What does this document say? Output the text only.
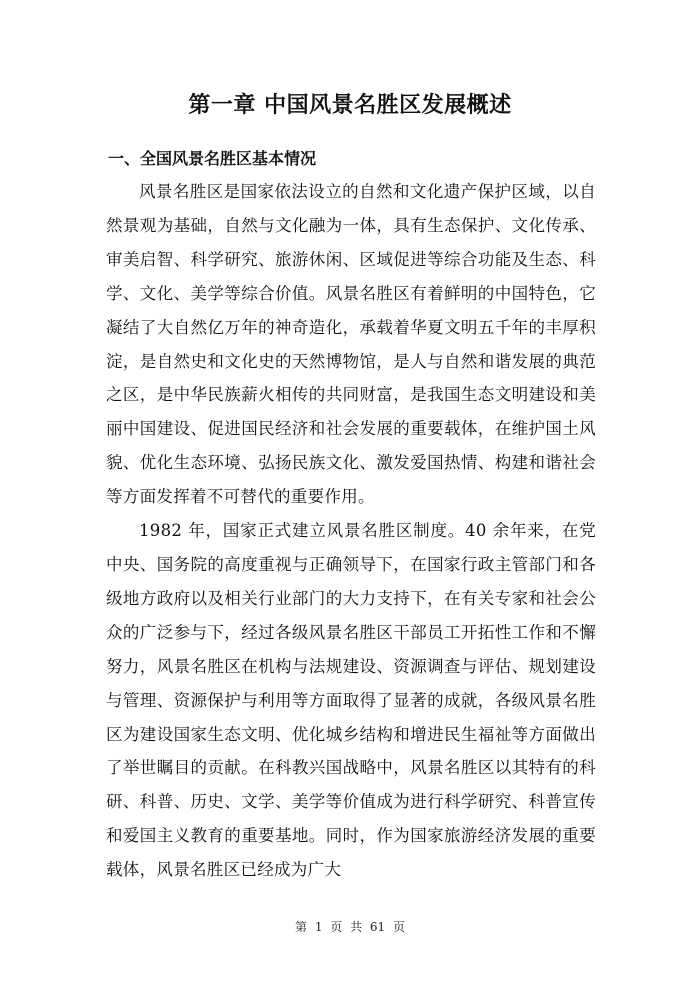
第一章 中国风景名胜区发展概述
一、全国风景名胜区基本情况

风景名胜区是国家依法设立的自然和文化遗产保护区域，以自然景观为基础，自然与文化融为一体，具有生态保护、文化传承、审美启智、科学研究、旅游休闲、区域促进等综合功能及生态、科学、文化、美学等综合价值。风景名胜区有着鲜明的中国特色，它凝结了大自然亿万年的神奇造化，承载着华夏文明五千年的丰厚积淀，是自然史和文化史的天然博物馆，是人与自然和谐发展的典范之区，是中华民族薪火相传的共同财富，是我国生态文明建设和美丽中国建设、促进国民经济和社会发展的重要载体，在维护国土风貌、优化生态环境、弘扬民族文化、激发爱国热情、构建和谐社会等方面发挥着不可替代的重要作用。

1982 年，国家正式建立风景名胜区制度。40 余年来，在党中央、国务院的高度重视与正确领导下，在国家行政主管部门和各级地方政府以及相关行业部门的大力支持下，在有关专家和社会公众的广泛参与下，经过各级风景名胜区干部员工开拓性工作和不懈努力，风景名胜区在机构与法规建设、资源调查与评估、规划建设与管理、资源保护与利用等方面取得了显著的成就，各级风景名胜区为建设国家生态文明、优化城乡结构和增进民生福祉等方面做出了举世瞩目的贡献。在科教兴国战略中，风景名胜区以其特有的科研、科普、历史、文学、美学等价值成为进行科学研究、科普宣传和爱国主义教育的重要基地。同时，作为国家旅游经济发展的重要载体，风景名胜区已经成为广大

第 1 页 共 61 页
